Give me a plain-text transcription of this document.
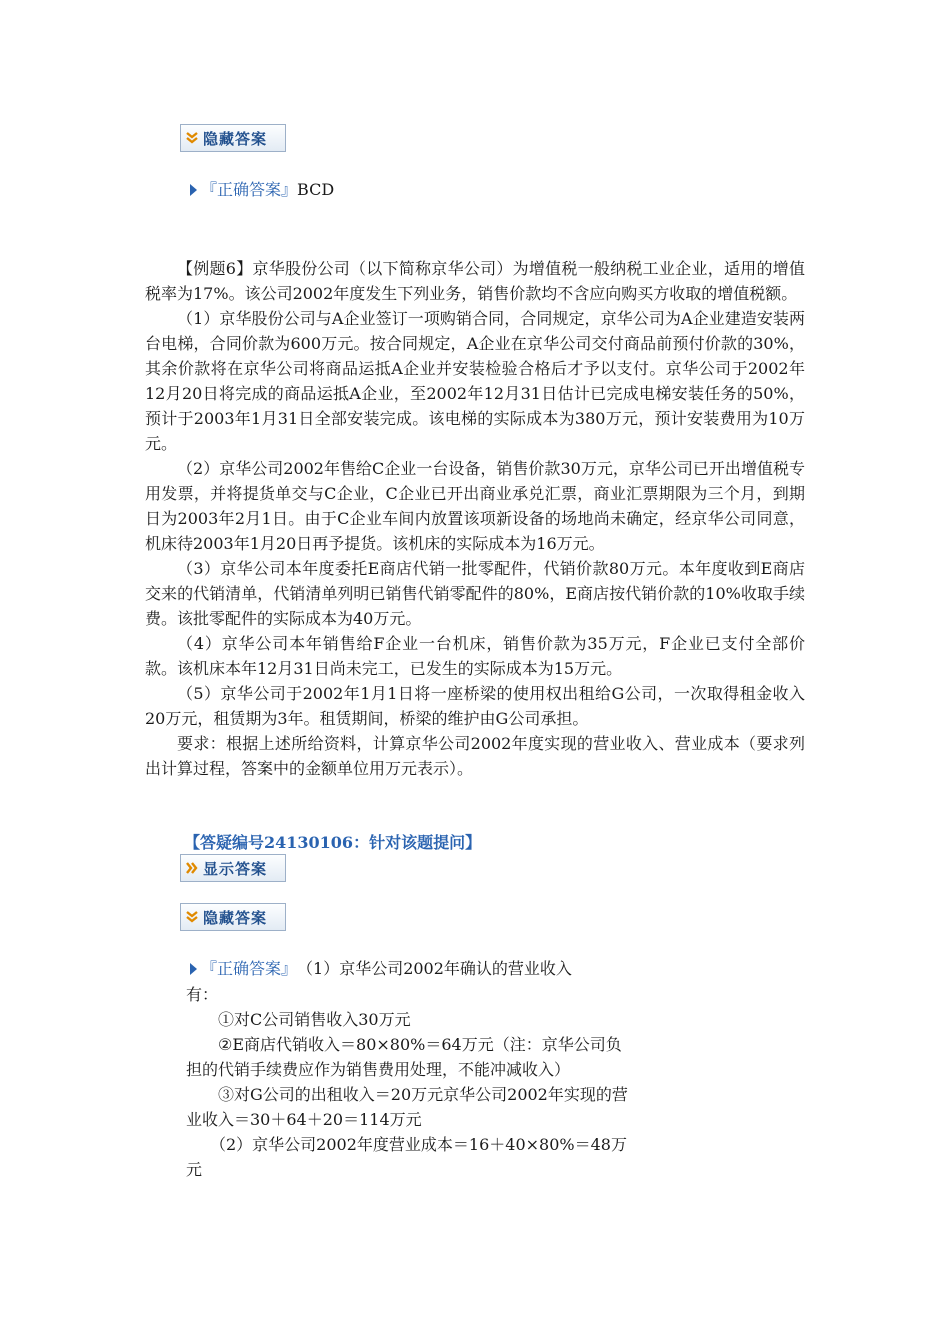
隐藏答案
『正确答案』 BCD

【例题6】京华股份公司（以下简称京华公司）为增值税一般纳税工业企业，适用的增值税率为17%。该公司2002年度发生下列业务，销售价款均不含应向购买方收取的增值税额。

（1）京华股份公司与A企业签订一项购销合同，合同规定，京华公司为A企业建造安装两台电梯，合同价款为600万元。按合同规定，A企业在京华公司交付商品前预付价款的30%，其余价款将在京华公司将商品运抵A企业并安装检验合格后才予以支付。京华公司于2002年12月20日将完成的商品运抵A企业，至2002年12月31日估计已完成电梯安装任务的50%，预计于2003年1月31日全部安装完成。该电梯的实际成本为380万元，预计安装费用为10万元。

（2）京华公司2002年售给C企业一台设备，销售价款30万元，京华公司已开出增值税专用发票，并将提货单交与C企业，C企业已开出商业承兑汇票，商业汇票期限为三个月，到期日为2003年2月1日。由于C企业车间内放置该项新设备的场地尚未确定，经京华公司同意，机床待2003年1月20日再予提货。该机床的实际成本为16万元。

（3）京华公司本年度委托E商店代销一批零配件，代销价款80万元。本年度收到E商店交来的代销清单，代销清单列明已销售代销零配件的80%，E商店按代销价款的10%收取手续费。该批零配件的实际成本为40万元。

（4）京华公司本年销售给F企业一台机床，销售价款为35万元，F企业已支付全部价款。该机床本年12月31日尚未完工，已发生的实际成本为15万元。

（5）京华公司于2002年1月1日将一座桥梁的使用权出租给G公司，一次取得租金收入20万元，租赁期为3年。租赁期间，桥梁的维护由G公司承担。

要求：根据上述所给资料，计算京华公司2002年度实现的营业收入、营业成本（要求列出计算过程，答案中的金额单位用万元表示）。

【答疑编号24130106：针对该题提问】
显示答案
隐藏答案
『正确答案』 （1）京华公司2002年确认的营业收入

有：

①对C公司销售收入30万元

②E商店代销收入＝80×80%＝64万元（注：京华公司负担的代销手续费应作为销售费用处理，不能冲减收入）

③对G公司的出租收入＝20万元京华公司2002年实现的营业收入＝30＋64＋20＝114万元

（2）京华公司2002年度营业成本＝16＋40×80%＝48万元
